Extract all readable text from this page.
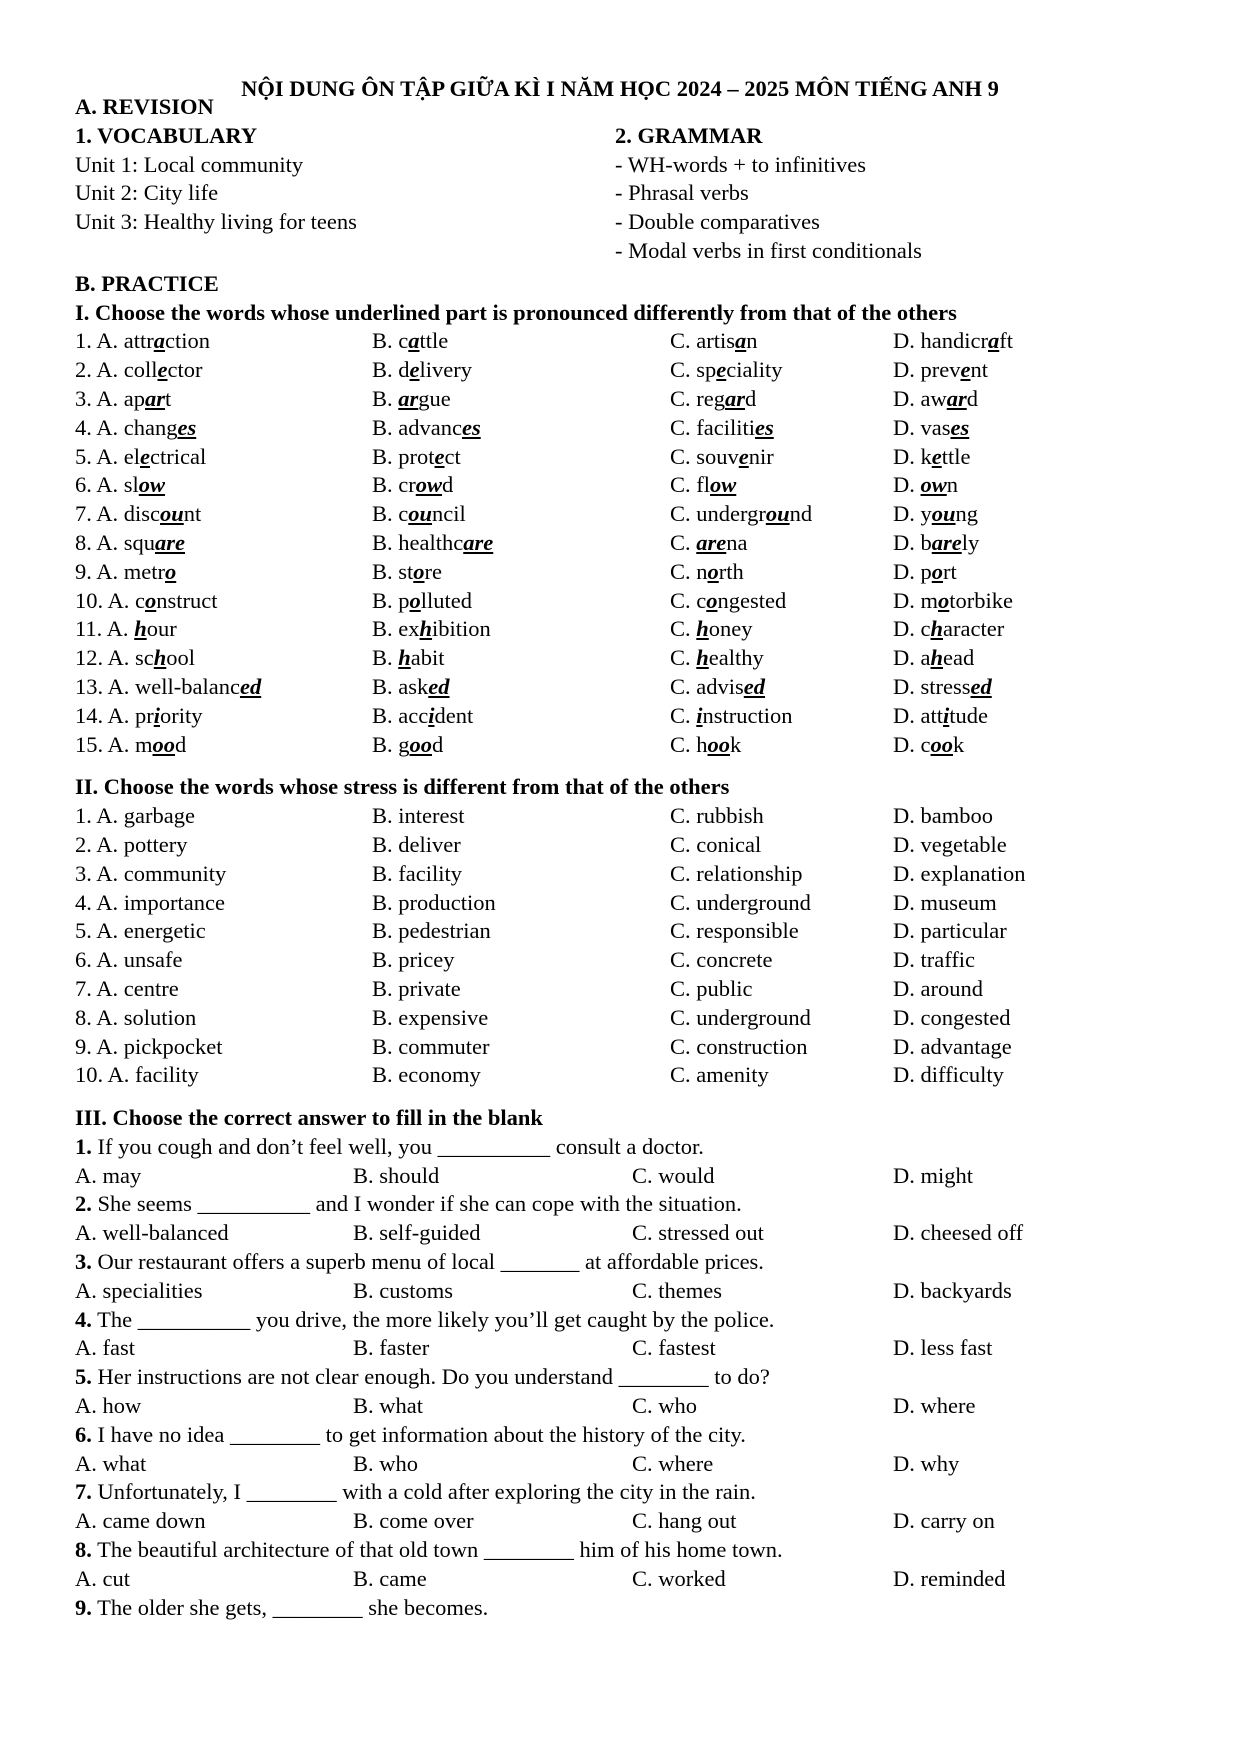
NỘI DUNG ÔN TẬP GIỮA KÌ I NĂM HỌC 2024 – 2025 MÔN TIẾNG ANH 9
A. REVISION
1. VOCABULARY	2. GRAMMAR
Unit 1: Local community	- WH-words + to infinitives
Unit 2: City life	- Phrasal verbs
Unit 3: Healthy living for teens	- Double comparatives
- Modal verbs in first conditionals
B. PRACTICE
I. Choose the words whose underlined part is pronounced differently from that of the others
1. A. attraction	B. cattle	C. artisan	D. handicraft
2. A. collector	B. delivery	C. speciality	D. prevent
3. A. apart	B. argue	C. regard	D. award
4. A. changes	B. advances	C. facilities	D. vases
5. A. electrical	B. protect	C. souvenir	D. kettle
6. A. slow	B. crowd	C. flow	D. own
7. A. discount	B. council	C. underground	D. young
8. A. square	B. healthcare	C. arena	D. barely
9. A. metro	B. store	C. north	D. port
10. A. construct	B. polluted	C. congested	D. motorbike
11. A. hour	B. exhibition	C. honey	D. character
12. A. school	B. habit	C. healthy	D. ahead
13. A. well-balanced	B. asked	C. advised	D. stressed
14. A. priority	B. accident	C. instruction	D. attitude
15. A. mood	B. good	C. hook	D. cook
II. Choose the words whose stress is different from that of the others
1. A. garbage	B. interest	C. rubbish	D. bamboo
2. A. pottery	B. deliver	C. conical	D. vegetable
3. A. community	B. facility	C. relationship	D. explanation
4. A. importance	B. production	C. underground	D. museum
5. A. energetic	B. pedestrian	C. responsible	D. particular
6. A. unsafe	B. pricey	C. concrete	D. traffic
7. A. centre	B. private	C. public	D. around
8. A. solution	B. expensive	C. underground	D. congested
9. A. pickpocket	B. commuter	C. construction	D. advantage
10. A. facility	B. economy	C. amenity	D. difficulty
III. Choose the correct answer to fill in the blank
1. If you cough and don’t feel well, you __________ consult a doctor.
A. may	B. should	C. would	D. might
2. She seems __________ and I wonder if she can cope with the situation.
A. well-balanced	B. self-guided	C. stressed out	D. cheesed off
3. Our restaurant offers a superb menu of local _______ at affordable prices.
A. specialities	B. customs	C. themes	D. backyards
4. The __________ you drive, the more likely you’ll get caught by the police.
A. fast	B. faster	C. fastest	D. less fast
5. Her instructions are not clear enough. Do you understand ________ to do?
A. how	B. what	C. who	D. where
6. I have no idea ________ to get information about the history of the city.
A. what	B. who	C. where	D. why
7. Unfortunately, I ________ with a cold after exploring the city in the rain.
A. came down	B. come over	C. hang out	D. carry on
8. The beautiful architecture of that old town ________ him of his home town.
A. cut	B. came	C. worked	D. reminded
9. The older she gets, ________ she becomes.
